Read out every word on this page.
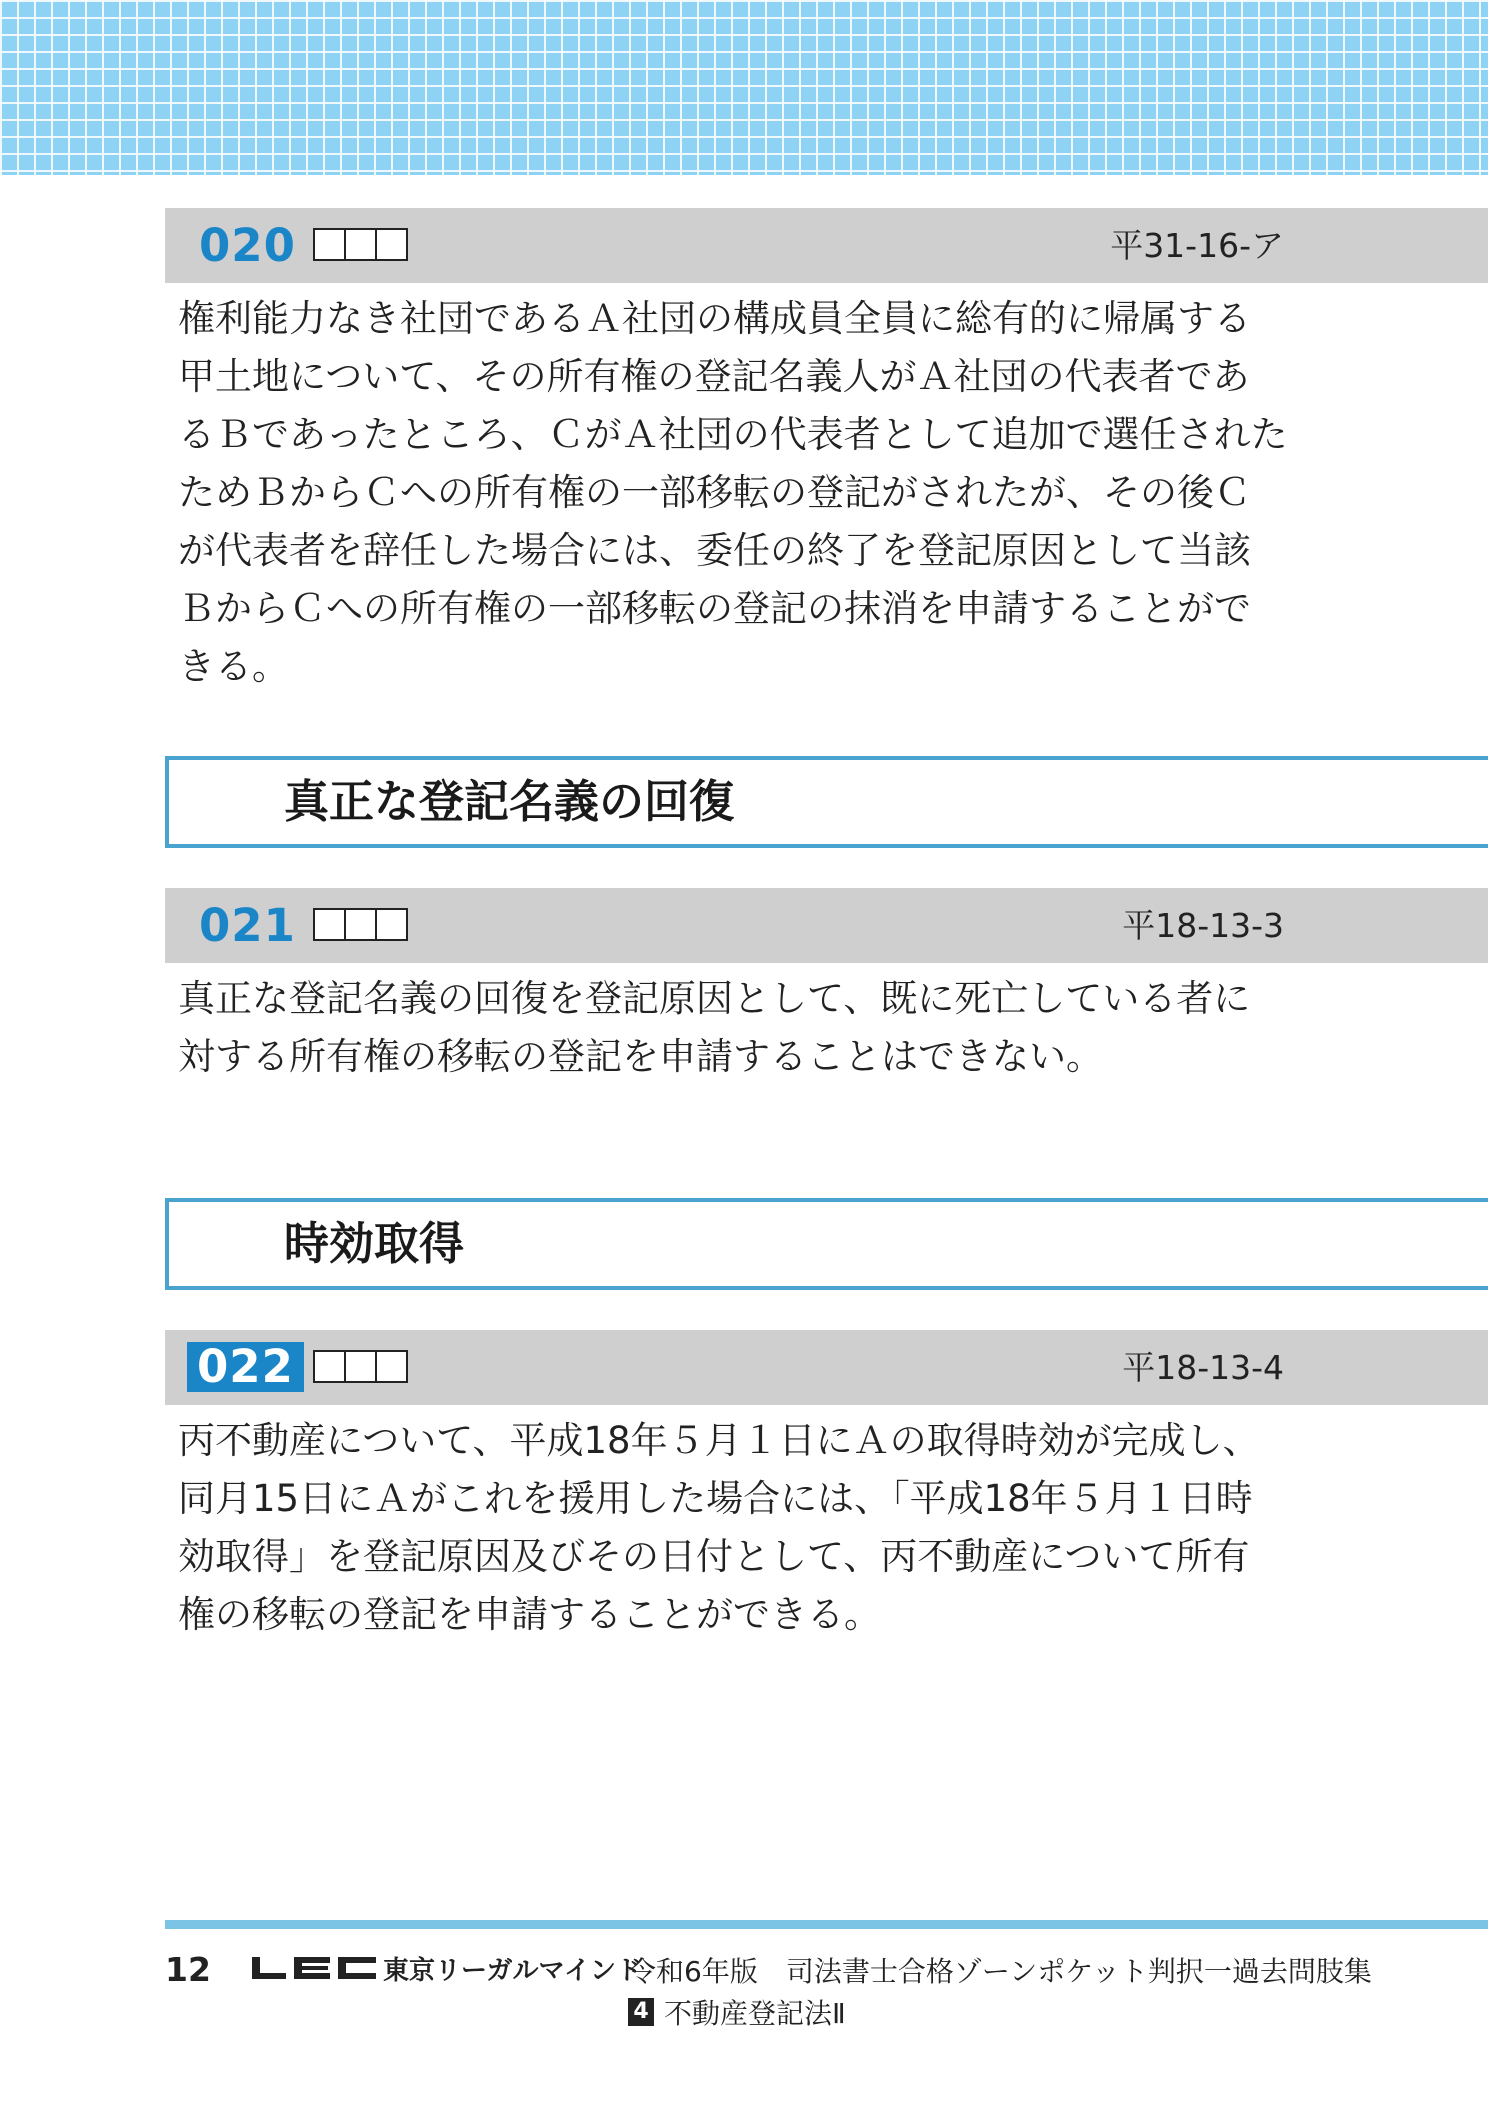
020	平31-16-ア
権利能力なき社団であるＡ社団の構成員全員に総有的に帰属する
甲土地について、その所有権の登記名義人がＡ社団の代表者であ
るＢであったところ、ＣがＡ社団の代表者として追加で選任された
ためＢからＣへの所有権の一部移転の登記がされたが、その後Ｃ
が代表者を辞任した場合には、委任の終了を登記原因として当該
ＢからＣへの所有権の一部移転の登記の抹消を申請することがで
きる。
真正な登記名義の回復
021	平18-13-3
真正な登記名義の回復を登記原因として、既に死亡している者に
対する所有権の移転の登記を申請することはできない。
時効取得
022	平18-13-4
丙不動産について、平成18年５月１日にＡの取得時効が完成し、
同月15日にＡがこれを援用した場合には、「平成18年５月１日時
効取得」を登記原因及びその日付として、丙不動産について所有
権の移転の登記を申請することができる。
12	東京リーガルマインド
令和6年版　司法書士合格ゾーンポケット判択一過去問肢集
4 不動産登記法Ⅱ
